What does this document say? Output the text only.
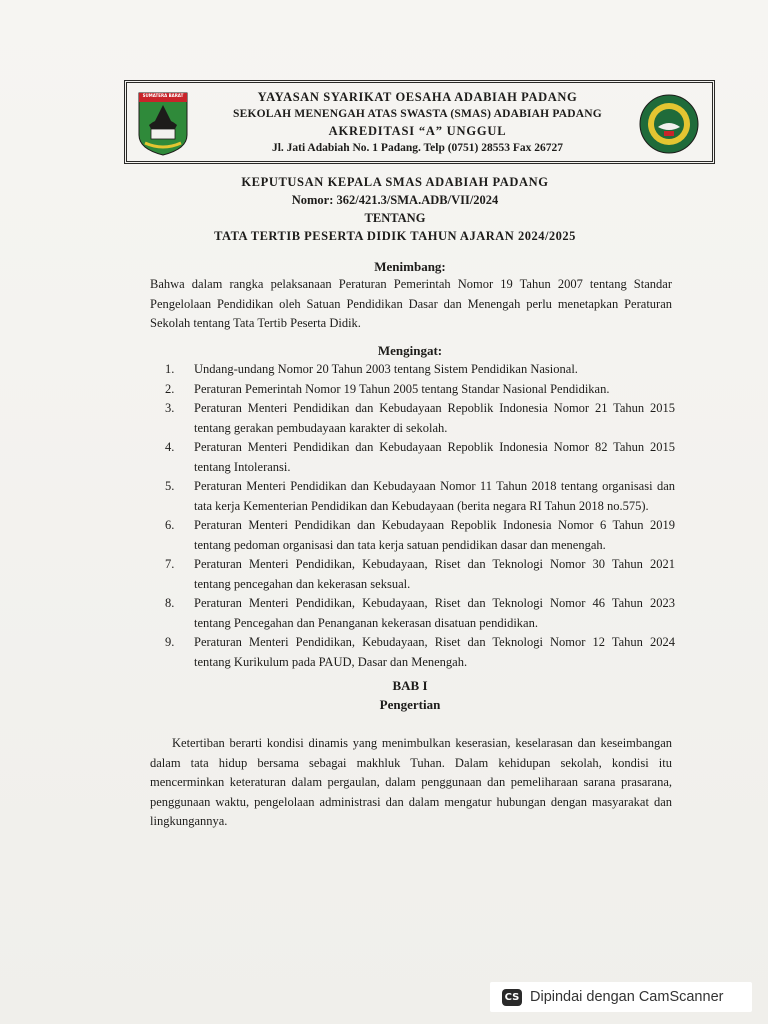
SUMATERA BARAT	YAYASAN SYARIKAT OESAHA ADABIAH PADANG
SEKOLAH MENENGAH ATAS SWASTA (SMAS) ADABIAH PADANG
AKREDITASI “A” UNGGUL
Jl. Jati Adabiah No. 1 Padang. Telp (0751) 28553 Fax 26727
KEPUTUSAN KEPALA SMAS ADABIAH PADANG
Nomor: 362/421.3/SMA.ADB/VII/2024
TENTANG
TATA TERTIB PESERTA DIDIK TAHUN AJARAN 2024/2025
Menimbang:

Bahwa dalam rangka pelaksanaan Peraturan Pemerintah Nomor 19 Tahun 2007 tentang Standar Pengelolaan Pendidikan oleh Satuan Pendidikan Dasar dan Menengah perlu menetapkan Peraturan Sekolah tentang Tata Tertib Peserta Didik.

Mengingat:
1.	Undang-undang Nomor 20 Tahun 2003 tentang Sistem Pendidikan Nasional.
2.	Peraturan Pemerintah Nomor 19 Tahun 2005 tentang Standar Nasional Pendidikan.
3.	Peraturan Menteri Pendidikan dan Kebudayaan Repoblik Indonesia Nomor 21 Tahun 2015 tentang gerakan pembudayaan karakter di sekolah.
4.	Peraturan Menteri Pendidikan dan Kebudayaan Repoblik Indonesia Nomor 82 Tahun 2015 tentang Intoleransi.
5.	Peraturan Menteri Pendidikan dan Kebudayaan Nomor 11 Tahun 2018 tentang organisasi dan tata kerja Kementerian Pendidikan dan Kebudayaan (berita negara RI Tahun 2018 no.575).
6.	Peraturan Menteri Pendidikan dan Kebudayaan Repoblik Indonesia Nomor 6 Tahun 2019 tentang pedoman organisasi dan tata kerja satuan pendidikan dasar dan menengah.
7.	Peraturan Menteri Pendidikan, Kebudayaan, Riset dan Teknologi Nomor 30 Tahun 2021 tentang pencegahan dan kekerasan seksual.
8.	Peraturan Menteri Pendidikan, Kebudayaan, Riset dan Teknologi Nomor 46 Tahun 2023 tentang Pencegahan dan Penanganan kekerasan disatuan pendidikan.
9.	Peraturan Menteri Pendidikan, Kebudayaan, Riset dan Teknologi Nomor 12 Tahun 2024 tentang Kurikulum pada PAUD, Dasar dan Menengah.
BAB I
Pengertian

Ketertiban berarti kondisi dinamis yang menimbulkan keserasian, keselarasan dan keseimbangan dalam tata hidup bersama sebagai makhluk Tuhan. Dalam kehidupan sekolah, kondisi itu mencerminkan keteraturan dalam pergaulan, dalam penggunaan dan pemeliharaan sarana prasarana, penggunaan waktu, pengelolaan administrasi dan dalam mengatur hubungan dengan masyarakat dan lingkungannya.

CS Dipindai dengan CamScanner
